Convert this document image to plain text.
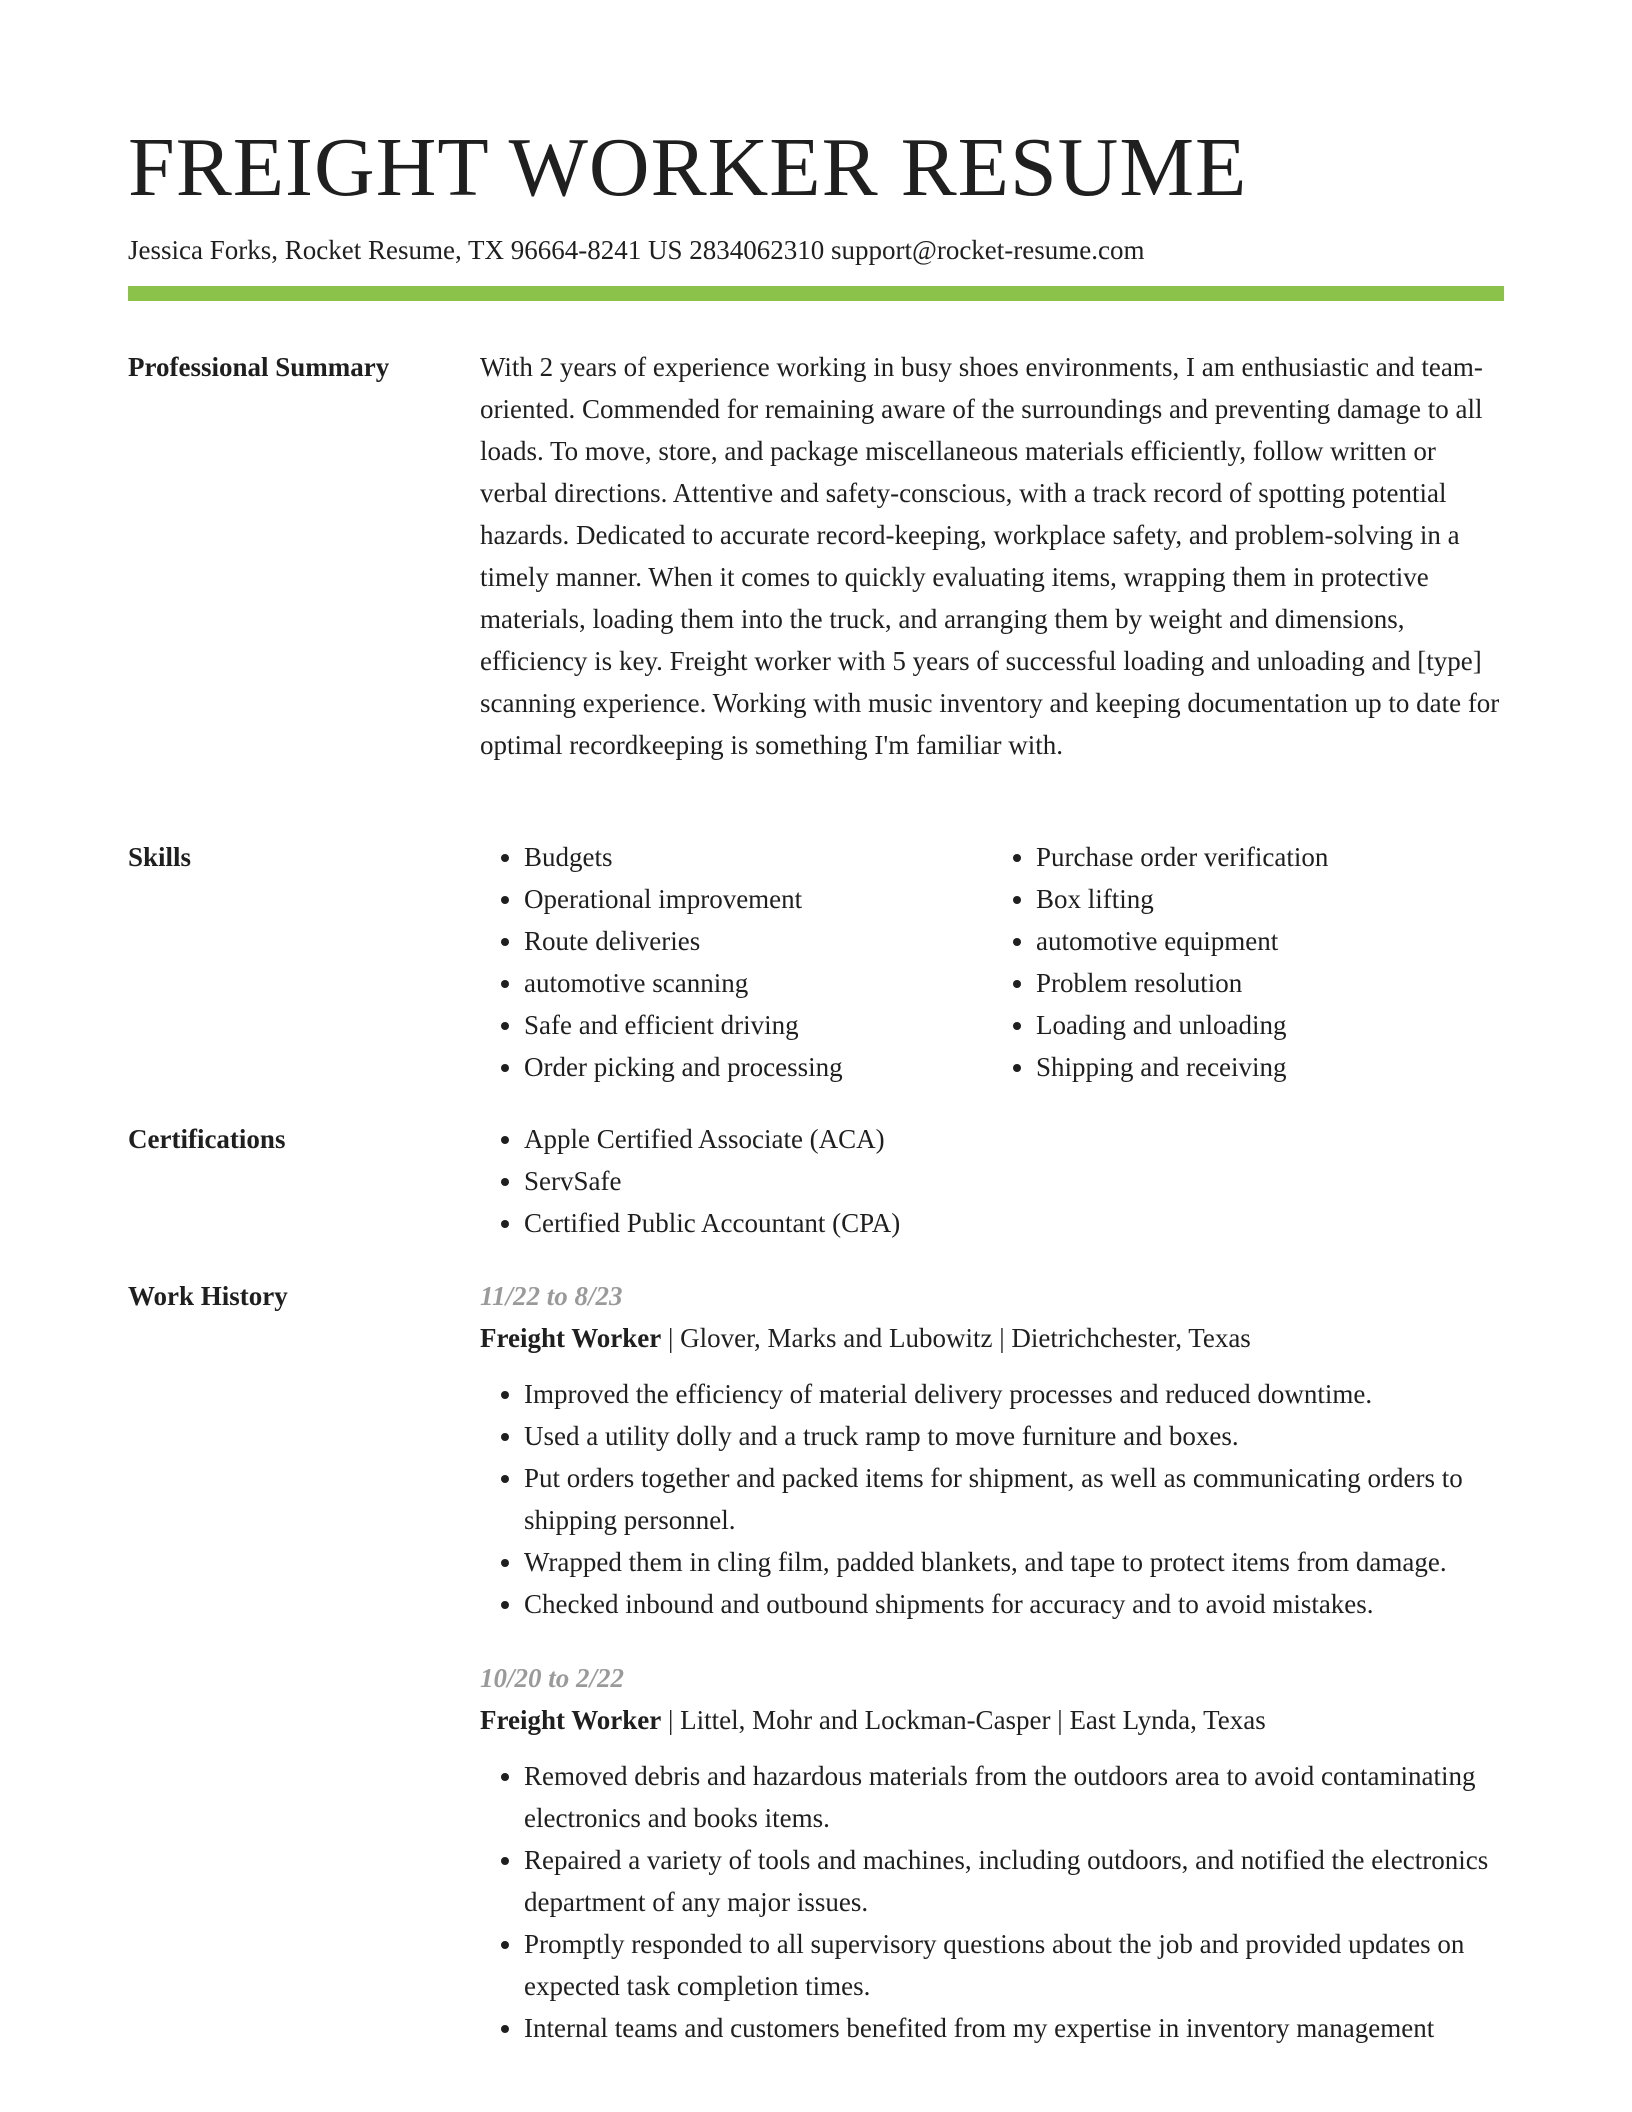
FREIGHT WORKER RESUME
Jessica Forks, Rocket Resume, TX 96664-8241 US 2834062310 support@rocket-resume.com
Professional Summary	With 2 years of experience working in busy shoes environments, I am enthusiastic and team-oriented. Commended for remaining aware of the surroundings and preventing damage to all loads. To move, store, and package miscellaneous materials efficiently, follow written or verbal directions. Attentive and safety-conscious, with a track record of spotting potential hazards. Dedicated to accurate record-keeping, workplace safety, and problem-solving in a timely manner. When it comes to quickly evaluating items, wrapping them in protective materials, loading them into the truck, and arranging them by weight and dimensions, efficiency is key. Freight worker with 5 years of successful loading and unloading and [type] scanning experience. Working with music inventory and keeping documentation up to date for optimal recordkeeping is something I'm familiar with.

Skills	• Budgets
• Operational improvement
• Route deliveries
• automotive scanning
• Safe and efficient driving
• Order picking and processing
• Purchase order verification
• Box lifting
• automotive equipment
• Problem resolution
• Loading and unloading
• Shipping and receiving
Certifications	• Apple Certified Associate (ACA)
• ServSafe
• Certified Public Accountant (CPA)
Work History	11/22 to 8/23
Freight Worker | Glover, Marks and Lubowitz | Dietrichchester, Texas
• Improved the efficiency of material delivery processes and reduced downtime.
• Used a utility dolly and a truck ramp to move furniture and boxes.
• Put orders together and packed items for shipment, as well as communicating orders to shipping personnel.
• Wrapped them in cling film, padded blankets, and tape to protect items from damage.
• Checked inbound and outbound shipments for accuracy and to avoid mistakes.
10/20 to 2/22
Freight Worker | Littel, Mohr and Lockman-Casper | East Lynda, Texas
• Removed debris and hazardous materials from the outdoors area to avoid contaminating electronics and books items.
• Repaired a variety of tools and machines, including outdoors, and notified the electronics department of any major issues.
• Promptly responded to all supervisory questions about the job and provided updates on expected task completion times.
• Internal teams and customers benefited from my expertise in inventory management
